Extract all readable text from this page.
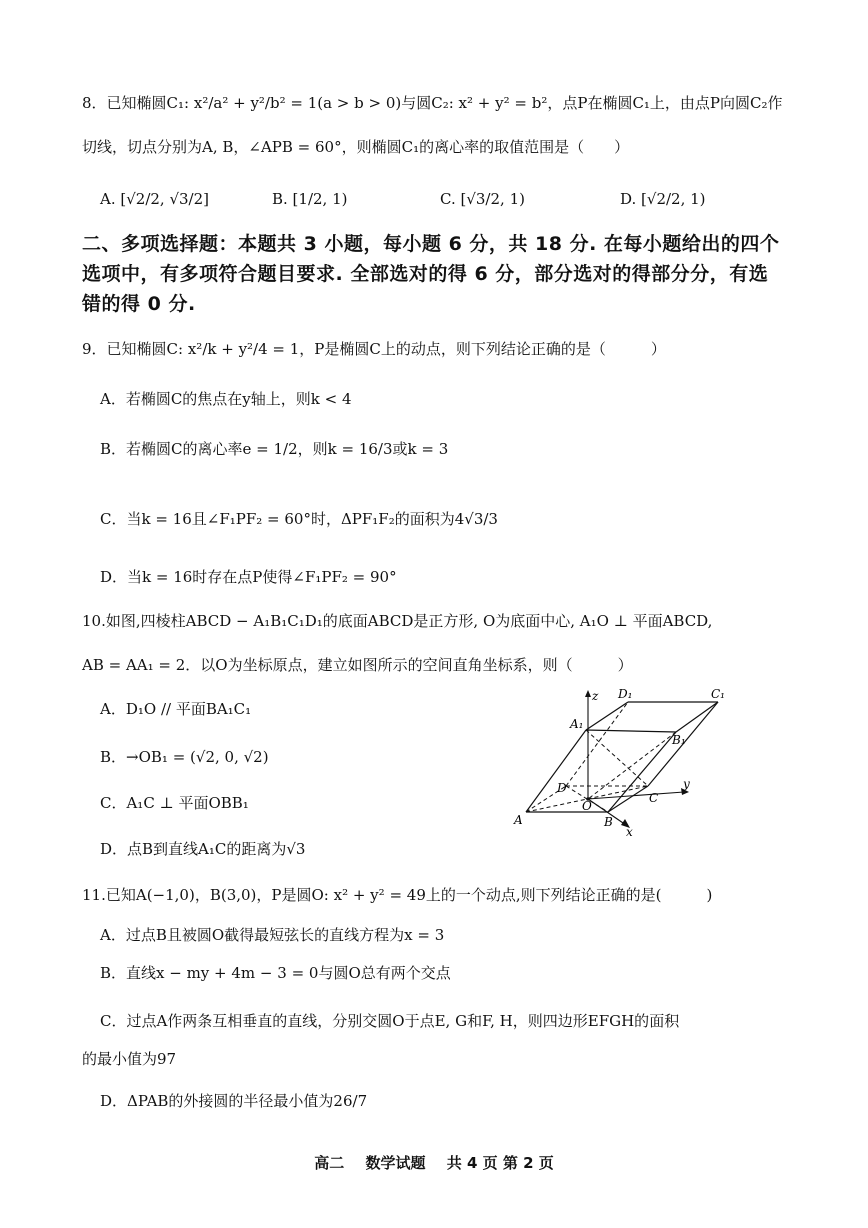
8．已知椭圆C₁: x²/a² + y²/b² = 1(a > b > 0)与圆C₂: x² + y² = b²，点P在椭圆C₁上，由点P向圆C₂作
切线，切点分别为A, B，∠APB = 60°，则椭圆C₁的离心率的取值范围是（　　）
A. [√2/2, √3/2]	B. [1/2, 1)	C. [√3/2, 1)	D. [√2/2, 1)
二、多项选择题：本题共 3 小题，每小题 6 分，共 18 分. 在每小题给出的四个
选项中，有多项符合题目要求. 全部选对的得 6 分，部分选对的得部分分，有选
错的得 0 分.
9．已知椭圆C: x²/k + y²/4 = 1，P是椭圆C上的动点，则下列结论正确的是（　　　）
A．若椭圆C的焦点在y轴上，则k < 4
B．若椭圆C的离心率e = 1/2，则k = 16/3或k = 3
C．当k = 16且∠F₁PF₂ = 60°时，ΔPF₁F₂的面积为4√3/3
D．当k = 16时存在点P使得∠F₁PF₂ = 90°
10.如图,四棱柱ABCD − A₁B₁C₁D₁的底面ABCD是正方形, O为底面中心, A₁O ⊥ 平面ABCD,
AB = AA₁ = 2．以O为坐标原点，建立如图所示的空间直角坐标系，则（　　　）
A．D₁O // 平面BA₁C₁
B．→OB₁ = (√2, 0, √2)
C．A₁C ⊥ 平面OBB₁
D．点B到直线A₁C的距离为√3
z D₁	C₁
A₁
B₁
D
O
C
y
A	B
x
11.已知A(−1,0)，B(3,0)，P是圆O: x² + y² = 49上的一个动点,则下列结论正确的是(　　　)
A．过点B且被圆O截得最短弦长的直线方程为x = 3
B．直线x − my + 4m − 3 = 0与圆O总有两个交点
C．过点A作两条互相垂直的直线，分别交圆O于点E, G和F, H，则四边形EFGH的面积
的最小值为97
D．ΔPAB的外接圆的半径最小值为26/7
高二 数学试题 共 4 页 第 2 页
